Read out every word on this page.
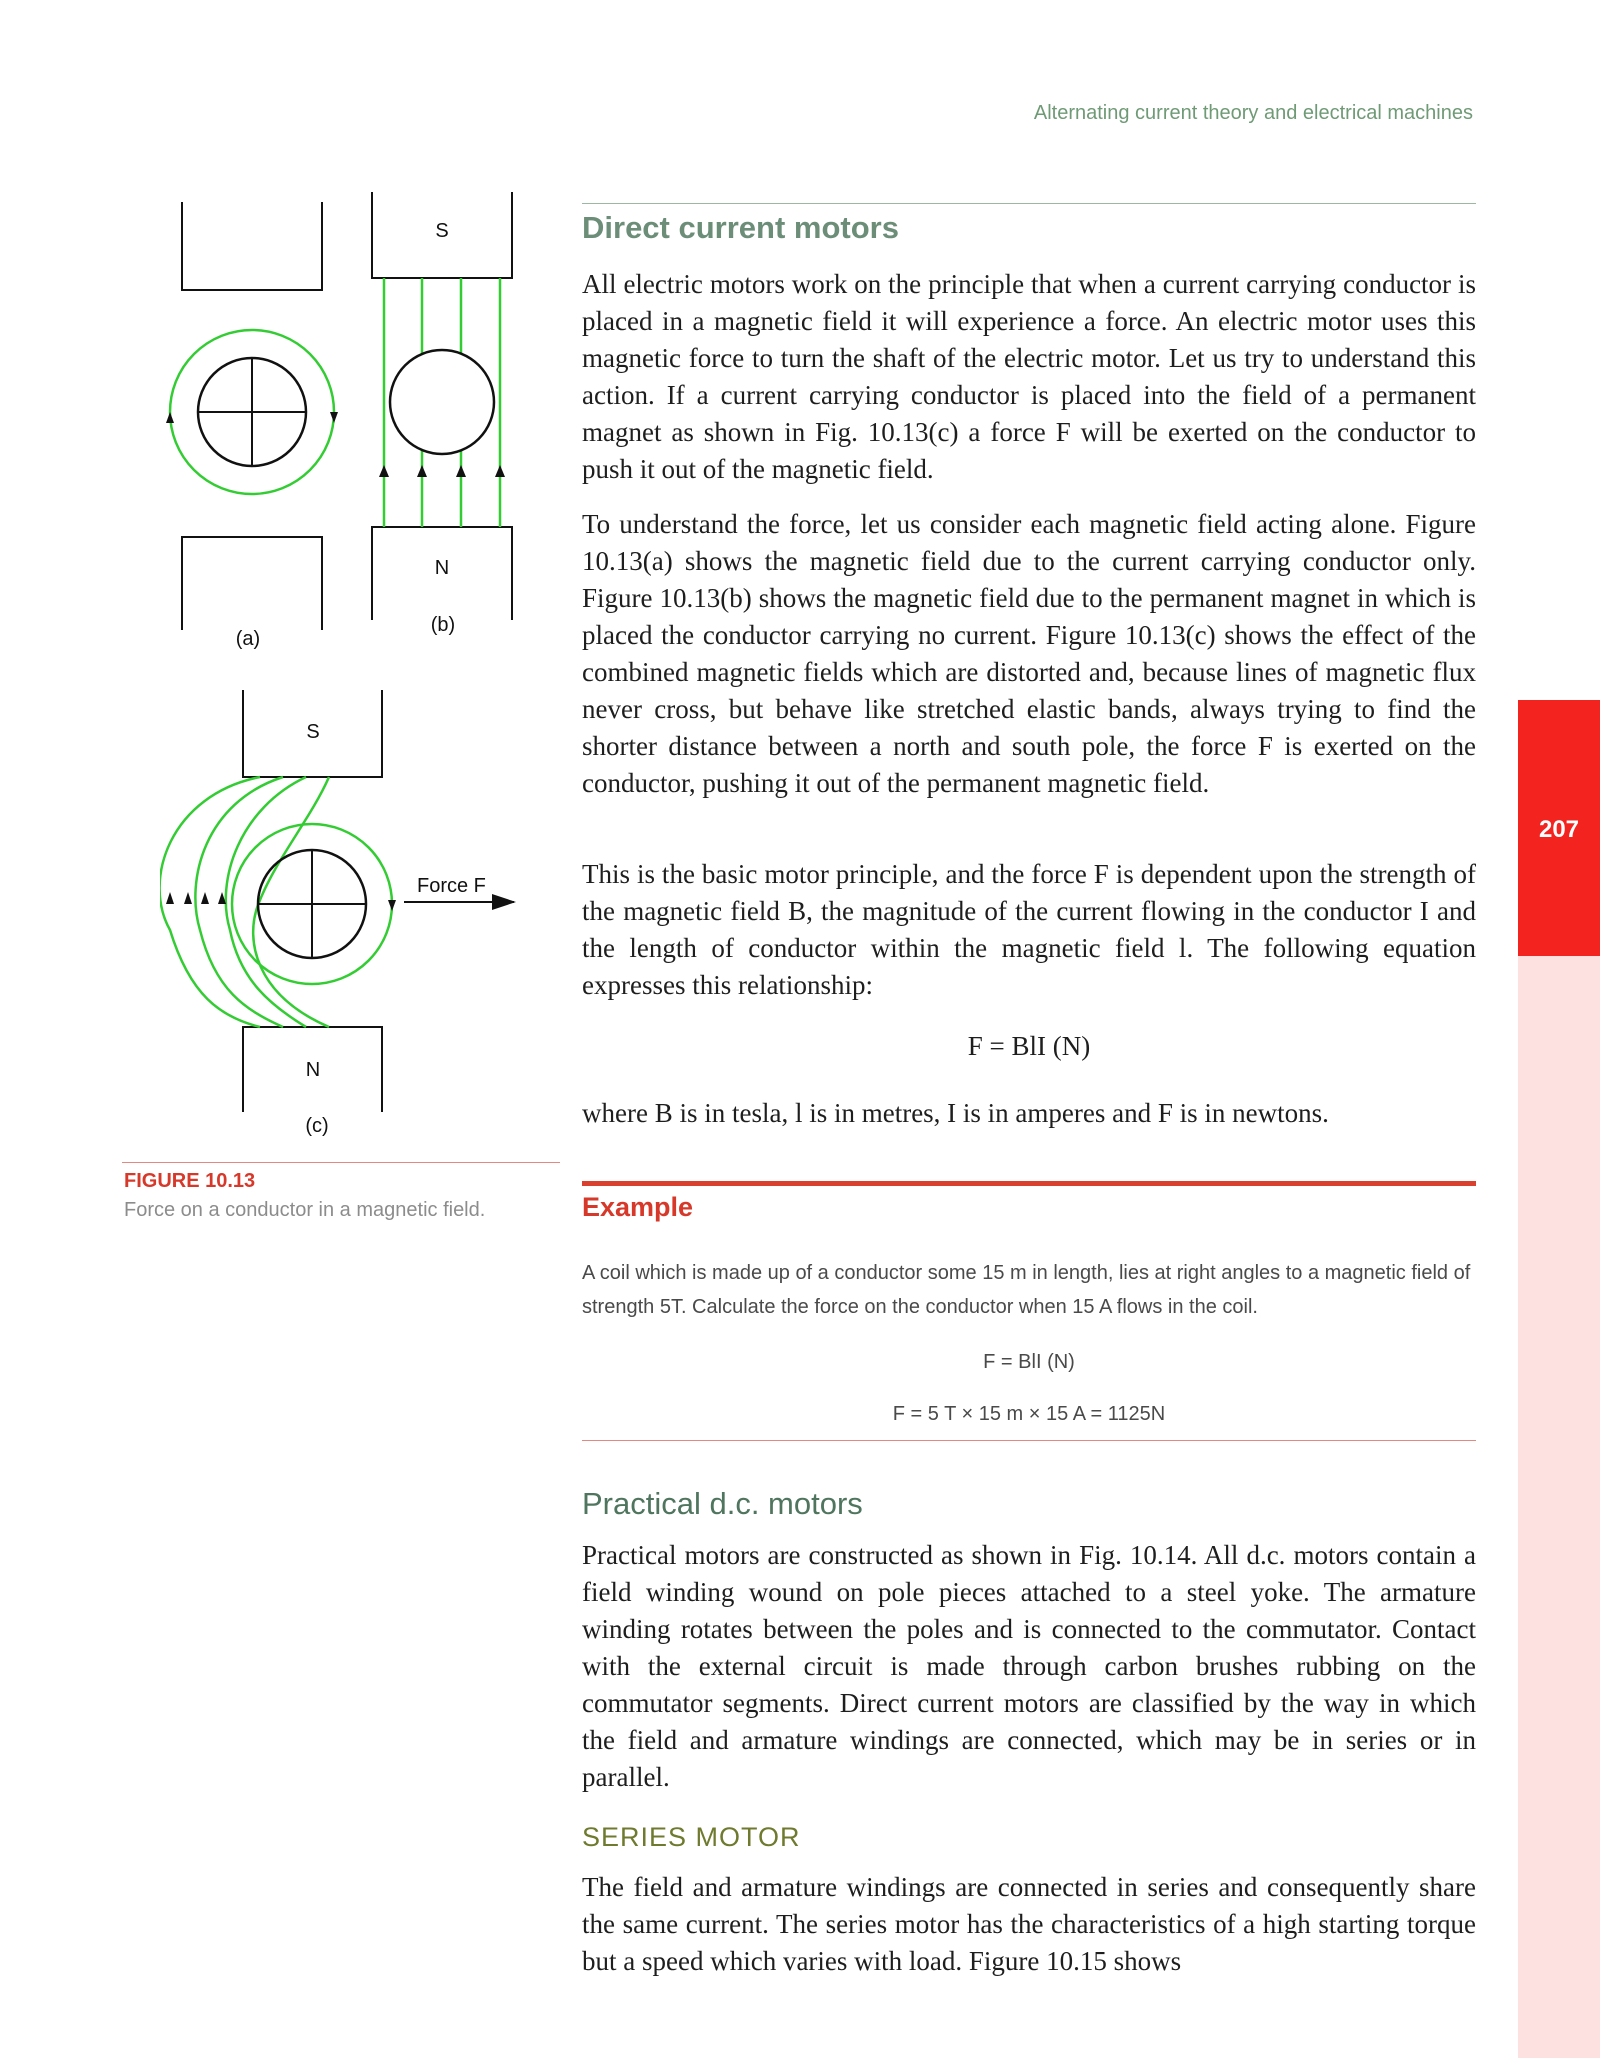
Alternating current theory and electrical machines
207
(a)
S
N
(b)
S
N
(c)
Force F
FIGURE 10.13
Force on a conductor in a magnetic field.
Direct current motors

All electric motors work on the principle that when a current carrying conductor is placed in a magnetic field it will experience a force. An electric motor uses this magnetic force to turn the shaft of the electric motor. Let us try to understand this action. If a current carrying conductor is placed into the field of a permanent magnet as shown in Fig. 10.13(c) a force F will be exerted on the conductor to push it out of the magnetic field.

To understand the force, let us consider each magnetic field acting alone. Figure 10.13(a) shows the magnetic field due to the current carrying conductor only. Figure 10.13(b) shows the magnetic field due to the permanent magnet in which is placed the conductor carrying no current. Figure 10.13(c) shows the effect of the combined magnetic fields which are distorted and, because lines of magnetic flux never cross, but behave like stretched elastic bands, always trying to find the shorter distance between a north and south pole, the force F is exerted on the conductor, pushing it out of the permanent magnetic field.

This is the basic motor principle, and the force F is dependent upon the strength of the magnetic field B, the magnitude of the current flowing in the conductor I and the length of conductor within the magnetic field l. The following equation expresses this relationship:

F = BlI (N)

where B is in tesla, l is in metres, I is in amperes and F is in newtons.

Example

A coil which is made up of a conductor some 15 m in length, lies at right angles to a magnetic field of strength 5T. Calculate the force on the conductor when 15 A flows in the coil.

F = BlI (N)

F = 5 T × 15 m × 15 A = 1125N

Practical d.c. motors

Practical motors are constructed as shown in Fig. 10.14. All d.c. motors contain a field winding wound on pole pieces attached to a steel yoke. The armature winding rotates between the poles and is connected to the commutator. Contact with the external circuit is made through carbon brushes rubbing on the commutator segments. Direct current motors are classified by the way in which the field and armature windings are connected, which may be in series or in parallel.

SERIES MOTOR

The field and armature windings are connected in series and consequently share the same current. The series motor has the characteristics of a high starting torque but a speed which varies with load. Figure 10.15 shows
